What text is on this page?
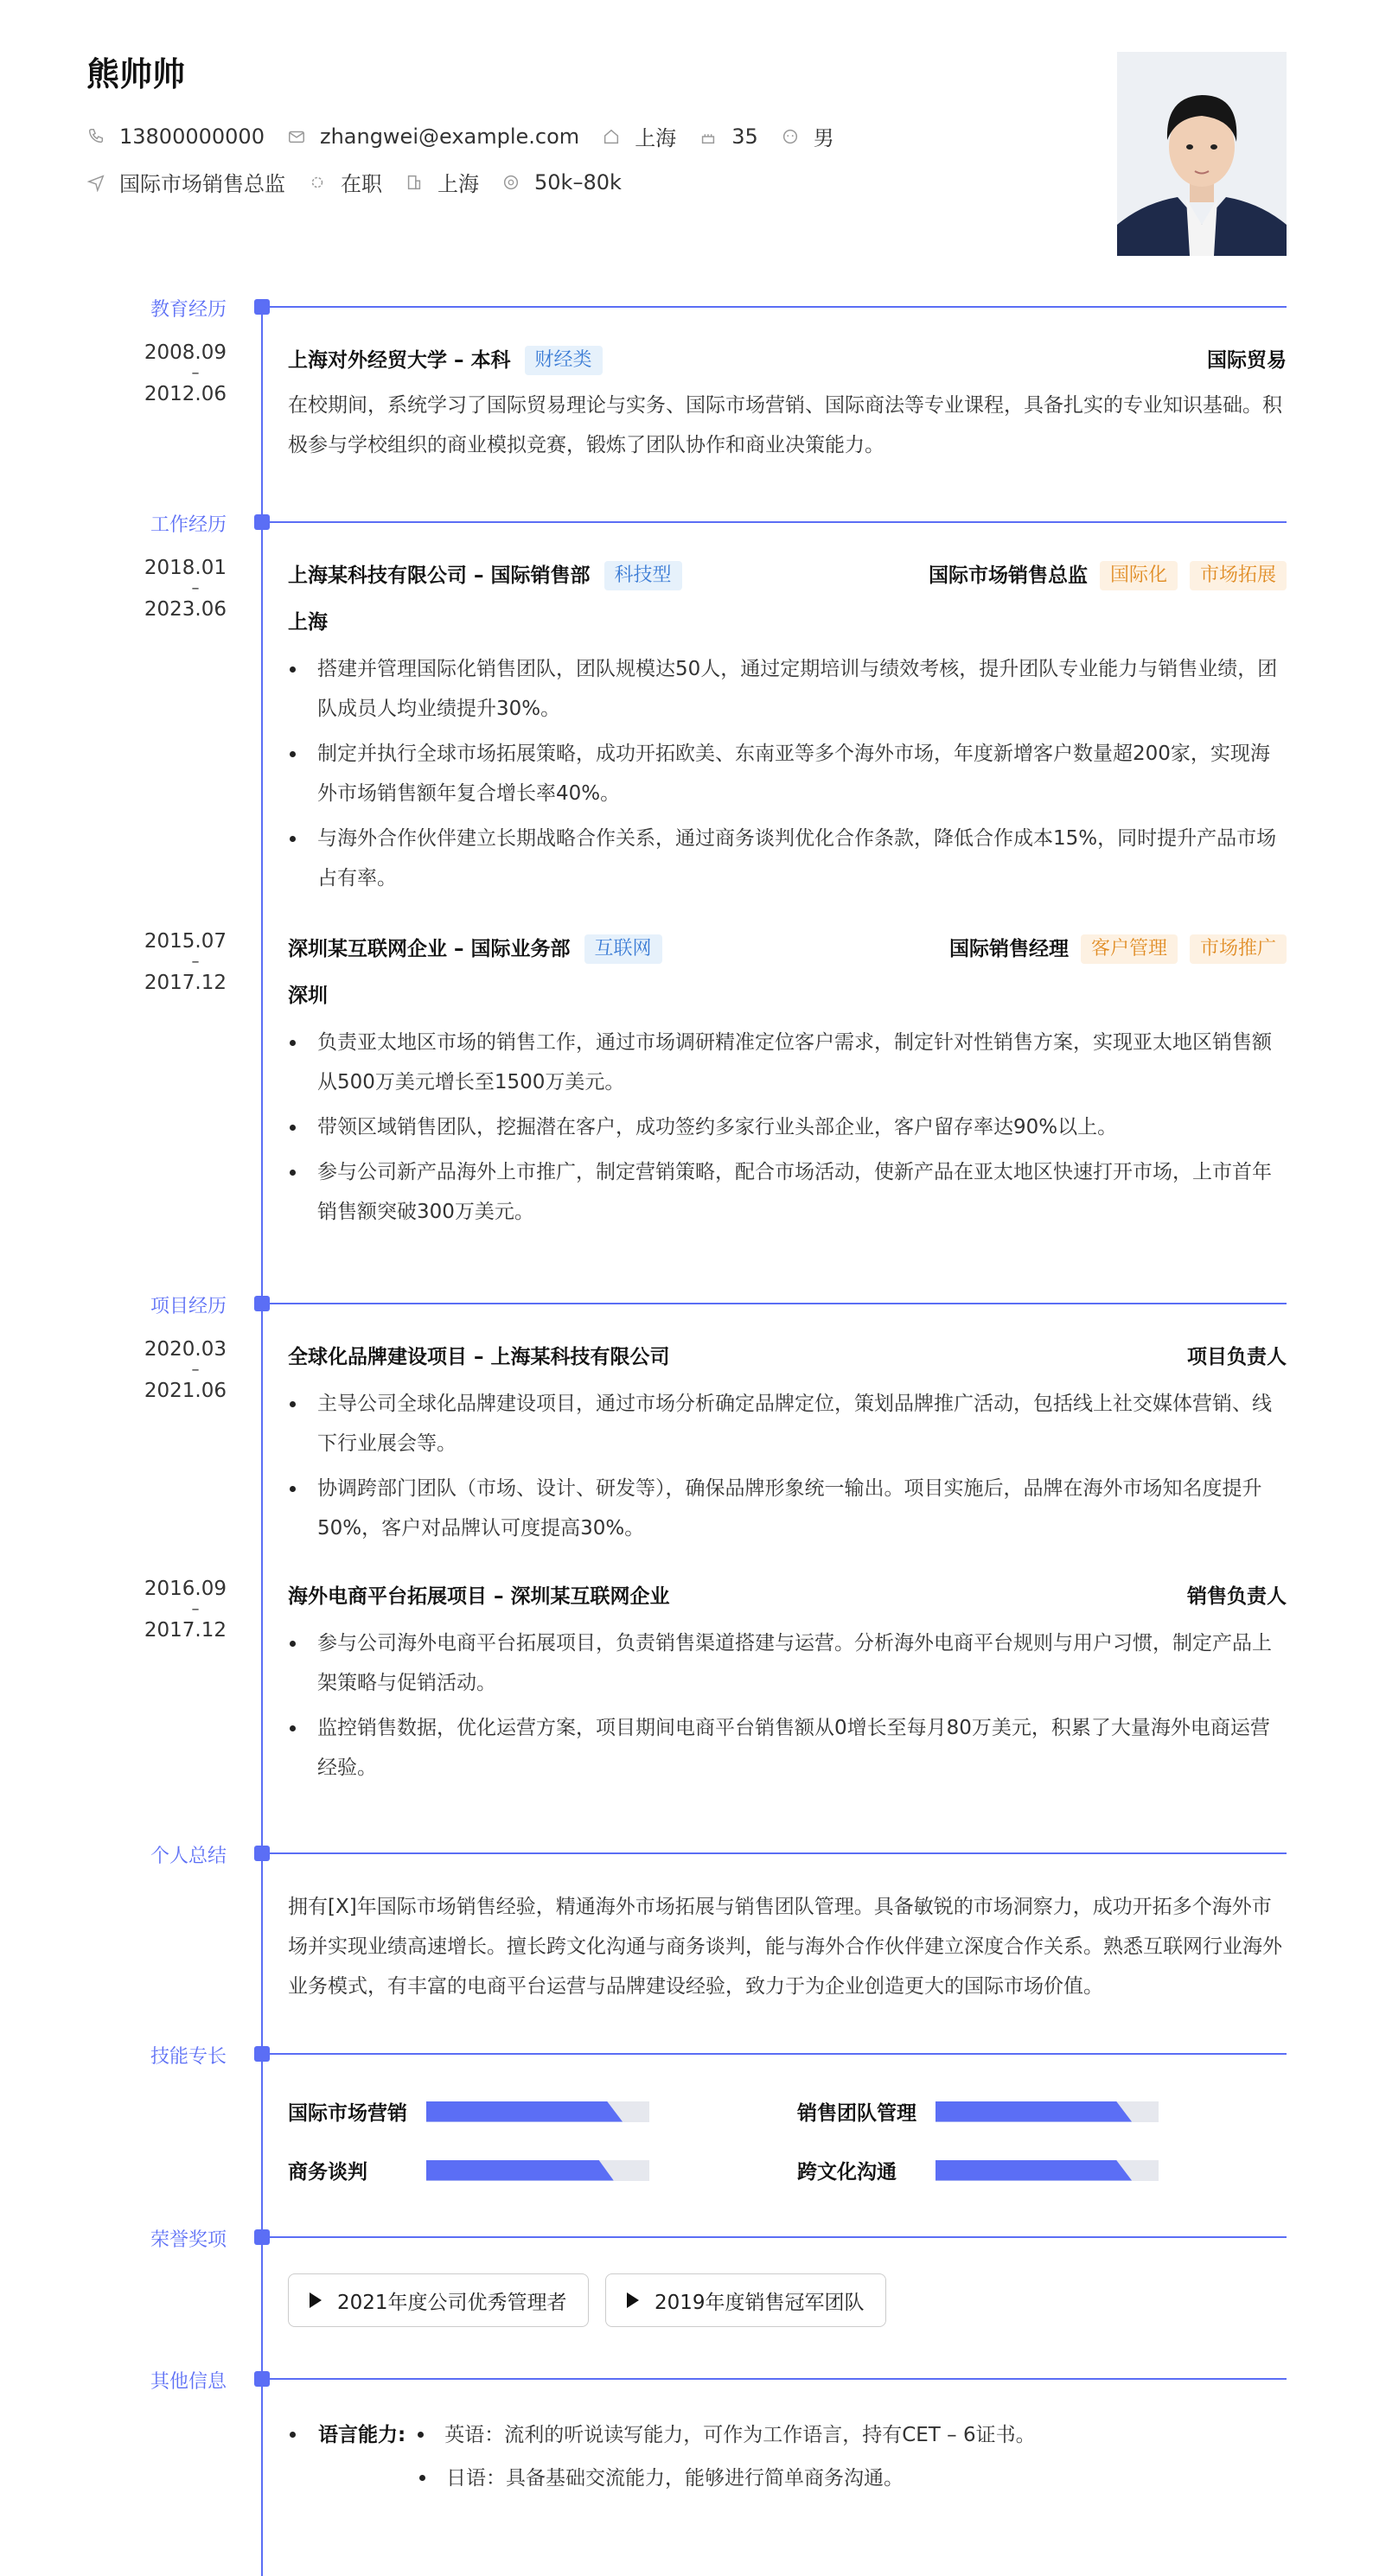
熊帅帅
13800000000	zhangwei@example.com	上海	35	男
国际市场销售总监	在职	上海	50k–80k
教育经历
2008.09
–
2012.06
上海对外经贸大学 – 本科	财经类	国际贸易
在校期间，系统学习了国际贸易理论与实务、国际市场营销、国际商法等专业课程，具备扎实的专业知识基础。积极参与学校组织的商业模拟竞赛，锻炼了团队协作和商业决策能力。
工作经历
2018.01
–
2023.06
上海某科技有限公司 – 国际销售部	科技型	国际市场销售总监	国际化	市场拓展
上海
搭建并管理国际化销售团队，团队规模达50人，通过定期培训与绩效考核，提升团队专业能力与销售业绩，团队成员人均业绩提升30%。
制定并执行全球市场拓展策略，成功开拓欧美、东南亚等多个海外市场，年度新增客户数量超200家，实现海外市场销售额年复合增长率40%。
与海外合作伙伴建立长期战略合作关系，通过商务谈判优化合作条款，降低合作成本15%，同时提升产品市场占有率。
2015.07
–
2017.12
深圳某互联网企业 – 国际业务部	互联网	国际销售经理	客户管理	市场推广
深圳
负责亚太地区市场的销售工作，通过市场调研精准定位客户需求，制定针对性销售方案，实现亚太地区销售额从500万美元增长至1500万美元。
带领区域销售团队，挖掘潜在客户，成功签约多家行业头部企业，客户留存率达90%以上。
参与公司新产品海外上市推广，制定营销策略，配合市场活动，使新产品在亚太地区快速打开市场，上市首年销售额突破300万美元。
项目经历
2020.03
–
2021.06
全球化品牌建设项目 – 上海某科技有限公司	项目负责人
主导公司全球化品牌建设项目，通过市场分析确定品牌定位，策划品牌推广活动，包括线上社交媒体营销、线下行业展会等。
协调跨部门团队（市场、设计、研发等），确保品牌形象统一输出。项目实施后，品牌在海外市场知名度提升50%，客户对品牌认可度提高30%。
2016.09
–
2017.12
海外电商平台拓展项目 – 深圳某互联网企业	销售负责人
参与公司海外电商平台拓展项目，负责销售渠道搭建与运营。分析海外电商平台规则与用户习惯，制定产品上架策略与促销活动。
监控销售数据，优化运营方案，项目期间电商平台销售额从0增长至每月80万美元，积累了大量海外电商运营经验。
个人总结
拥有[X]年国际市场销售经验，精通海外市场拓展与销售团队管理。具备敏锐的市场洞察力，成功开拓多个海外市场并实现业绩高速增长。擅长跨文化沟通与商务谈判，能与海外合作伙伴建立深度合作关系。熟悉互联网行业海外业务模式，有丰富的电商平台运营与品牌建设经验，致力于为企业创造更大的国际市场价值。
技能专长
国际市场营销	销售团队管理
商务谈判	跨文化沟通
荣誉奖项
2021年度公司优秀管理者	2019年度销售冠军团队
其他信息
语言能力: 英语：流利的听说读写能力，可作为工作语言，持有CET – 6证书。
日语：具备基础交流能力，能够进行简单商务沟通。
